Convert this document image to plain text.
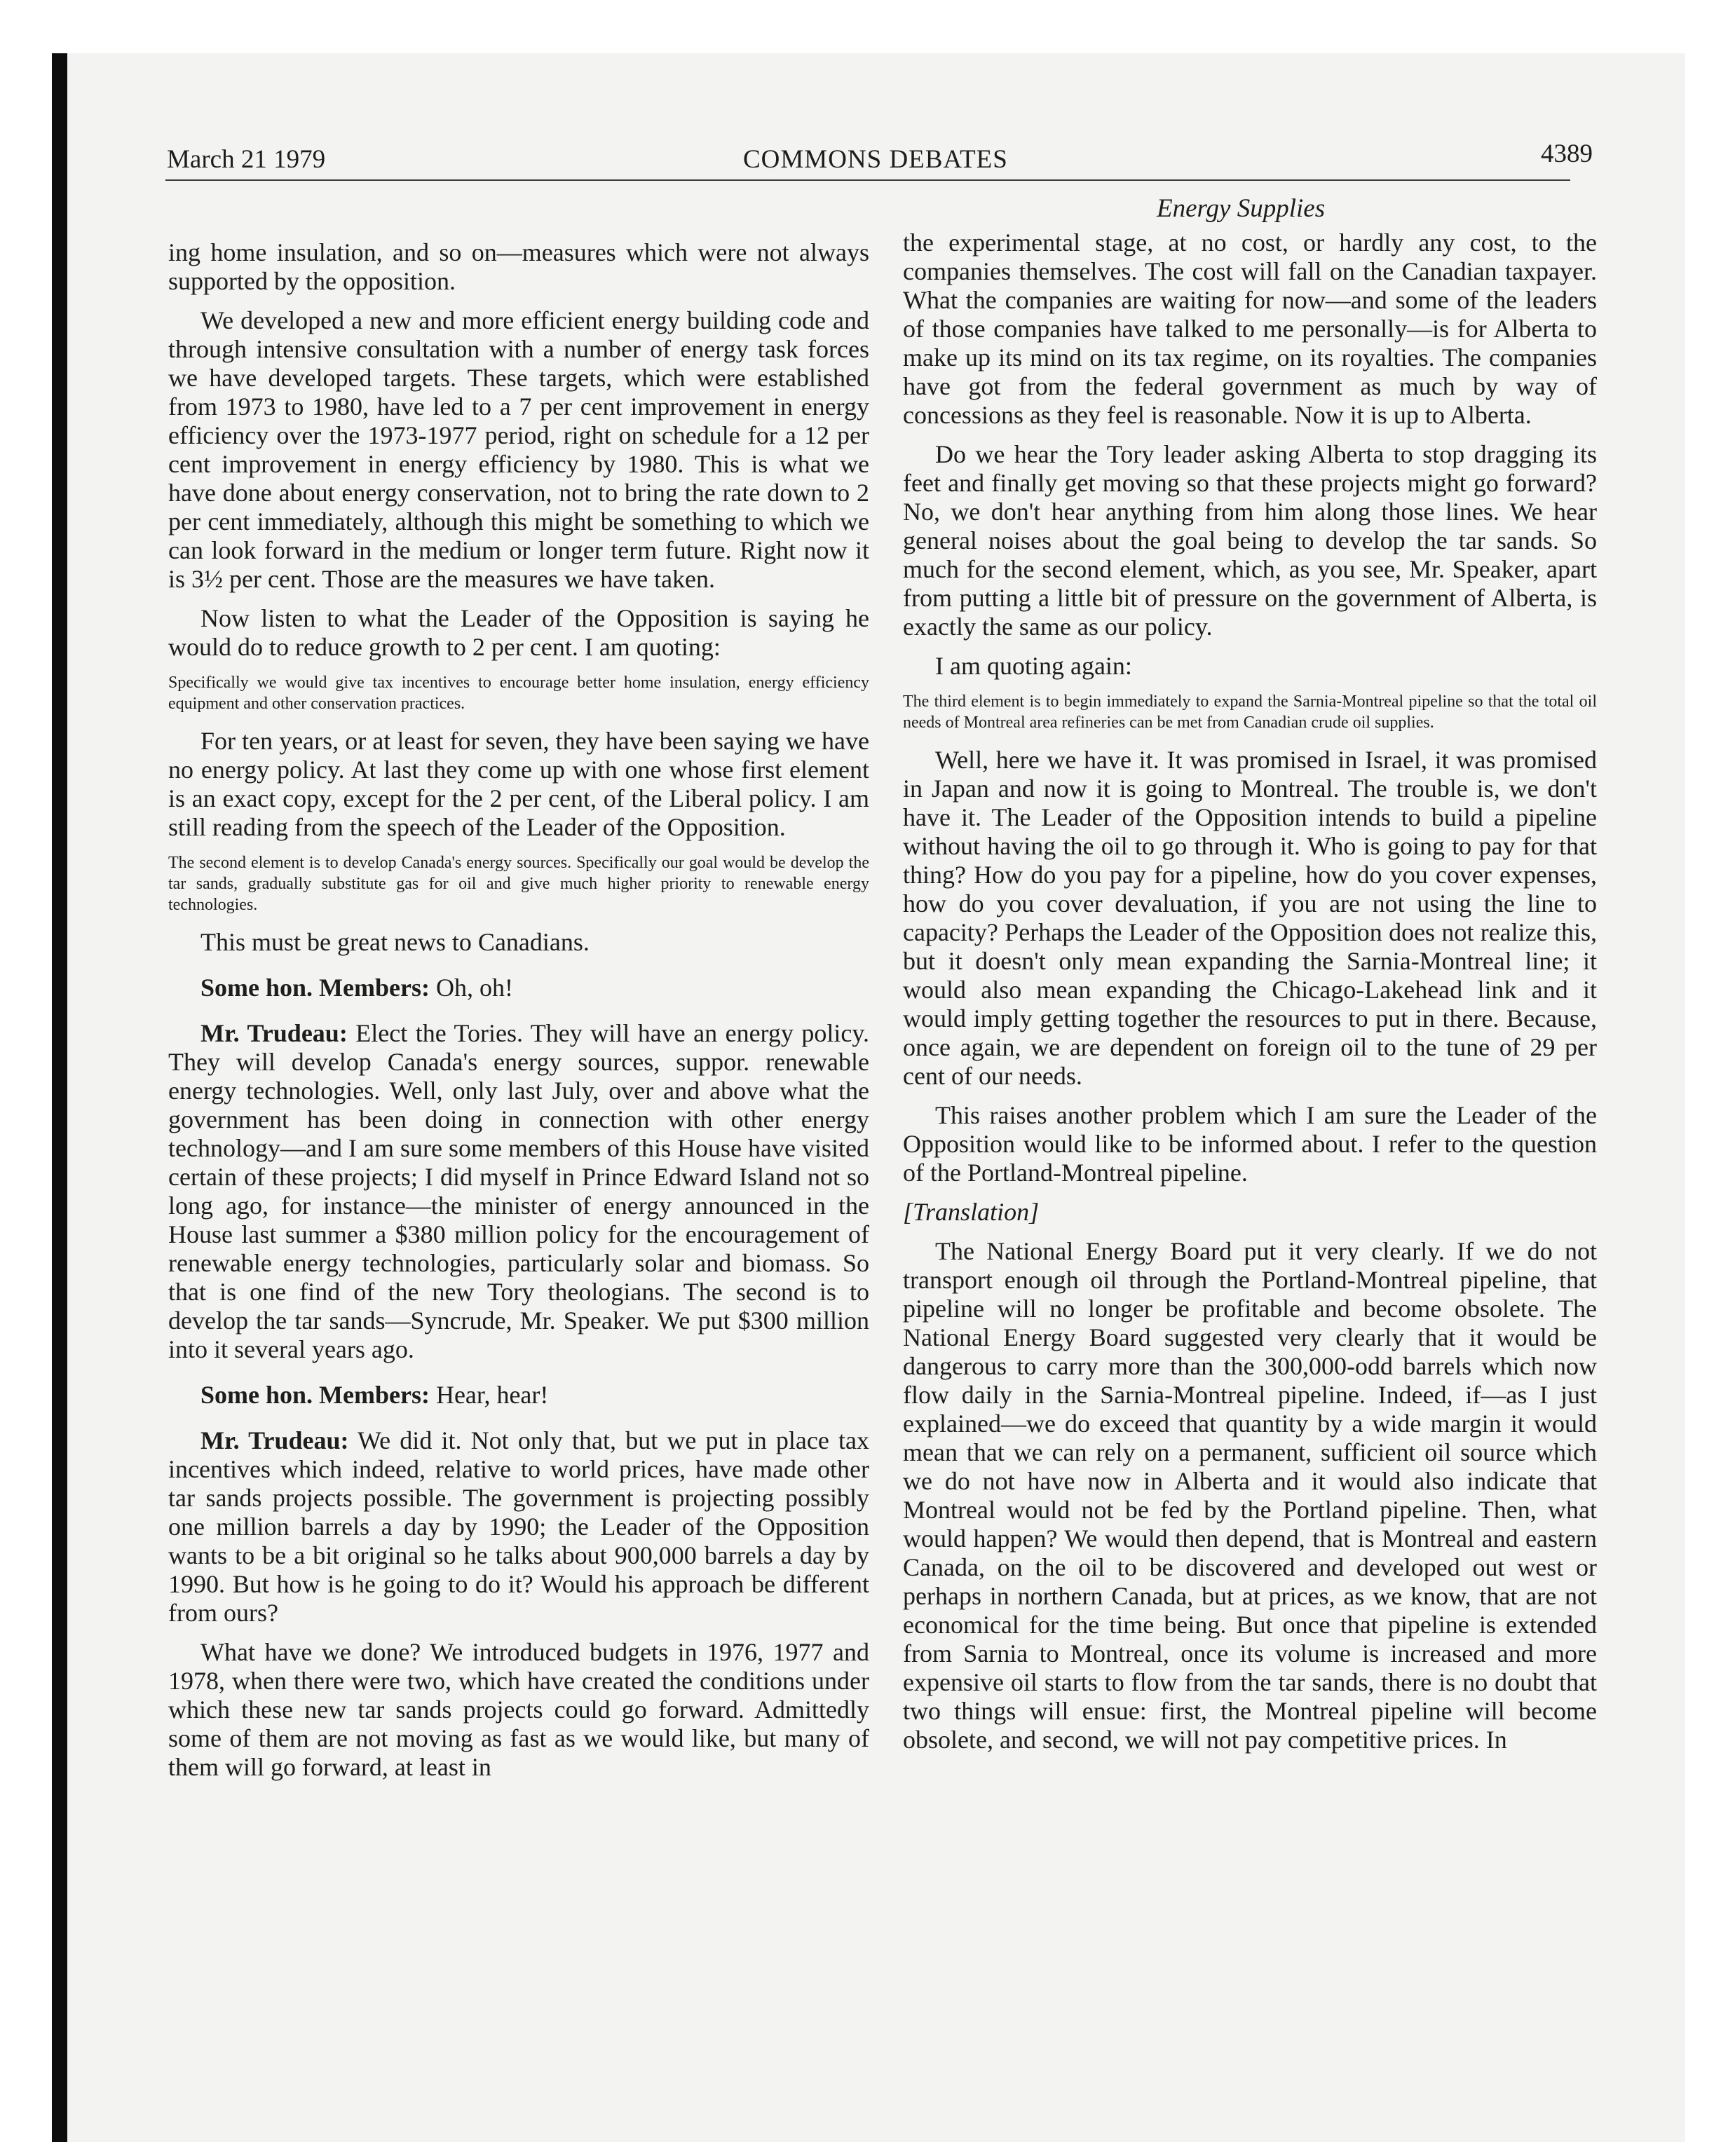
March 21 1979	COMMONS DEBATES	4389
Energy Supplies

ing home insulation, and so on—measures which were not always supported by the opposition.

We developed a new and more efficient energy building code and through intensive consultation with a number of energy task forces we have developed targets. These targets, which were established from 1973 to 1980, have led to a 7 per cent improvement in energy efficiency over the 1973-1977 period, right on schedule for a 12 per cent improvement in energy efficiency by 1980. This is what we have done about energy conservation, not to bring the rate down to 2 per cent immediately, although this might be something to which we can look forward in the medium or longer term future. Right now it is 3½ per cent. Those are the measures we have taken.

Now listen to what the Leader of the Opposition is saying he would do to reduce growth to 2 per cent. I am quoting:

Specifically we would give tax incentives to encourage better home insulation, energy efficiency equipment and other conservation practices.

For ten years, or at least for seven, they have been saying we have no energy policy. At last they come up with one whose first element is an exact copy, except for the 2 per cent, of the Liberal policy. I am still reading from the speech of the Leader of the Opposition.

The second element is to develop Canada's energy sources. Specifically our goal would be develop the tar sands, gradually substitute gas for oil and give much higher priority to renewable energy technologies.

This must be great news to Canadians.

Some hon. Members: Oh, oh!

Mr. Trudeau: Elect the Tories. They will have an energy policy. They will develop Canada's energy sources, suppor. renewable energy technologies. Well, only last July, over and above what the government has been doing in connection with other energy technology—and I am sure some members of this House have visited certain of these projects; I did myself in Prince Edward Island not so long ago, for instance—the minister of energy announced in the House last summer a $380 million policy for the encouragement of renewable energy technologies, particularly solar and biomass. So that is one find of the new Tory theologians. The second is to develop the tar sands—Syncrude, Mr. Speaker. We put $300 million into it several years ago.

Some hon. Members: Hear, hear!

Mr. Trudeau: We did it. Not only that, but we put in place tax incentives which indeed, relative to world prices, have made other tar sands projects possible. The government is projecting possibly one million barrels a day by 1990; the Leader of the Opposition wants to be a bit original so he talks about 900,000 barrels a day by 1990. But how is he going to do it? Would his approach be different from ours?

What have we done? We introduced budgets in 1976, 1977 and 1978, when there were two, which have created the conditions under which these new tar sands projects could go forward. Admittedly some of them are not moving as fast as we would like, but many of them will go forward, at least in

the experimental stage, at no cost, or hardly any cost, to the companies themselves. The cost will fall on the Canadian taxpayer. What the companies are waiting for now—and some of the leaders of those companies have talked to me personally—is for Alberta to make up its mind on its tax regime, on its royalties. The companies have got from the federal government as much by way of concessions as they feel is reasonable. Now it is up to Alberta.

Do we hear the Tory leader asking Alberta to stop dragging its feet and finally get moving so that these projects might go forward? No, we don't hear anything from him along those lines. We hear general noises about the goal being to develop the tar sands. So much for the second element, which, as you see, Mr. Speaker, apart from putting a little bit of pressure on the government of Alberta, is exactly the same as our policy.

I am quoting again:

The third element is to begin immediately to expand the Sarnia-Montreal pipeline so that the total oil needs of Montreal area refineries can be met from Canadian crude oil supplies.

Well, here we have it. It was promised in Israel, it was promised in Japan and now it is going to Montreal. The trouble is, we don't have it. The Leader of the Opposition intends to build a pipeline without having the oil to go through it. Who is going to pay for that thing? How do you pay for a pipeline, how do you cover expenses, how do you cover devaluation, if you are not using the line to capacity? Perhaps the Leader of the Opposition does not realize this, but it doesn't only mean expanding the Sarnia-Montreal line; it would also mean expanding the Chicago-Lakehead link and it would imply getting together the resources to put in there. Because, once again, we are dependent on foreign oil to the tune of 29 per cent of our needs.

This raises another problem which I am sure the Leader of the Opposition would like to be informed about. I refer to the question of the Portland-Montreal pipeline.

[Translation]

The National Energy Board put it very clearly. If we do not transport enough oil through the Portland-Montreal pipeline, that pipeline will no longer be profitable and become obsolete. The National Energy Board suggested very clearly that it would be dangerous to carry more than the 300,000-odd barrels which now flow daily in the Sarnia-Montreal pipeline. Indeed, if—as I just explained—we do exceed that quantity by a wide margin it would mean that we can rely on a permanent, sufficient oil source which we do not have now in Alberta and it would also indicate that Montreal would not be fed by the Portland pipeline. Then, what would happen? We would then depend, that is Montreal and eastern Canada, on the oil to be discovered and developed out west or perhaps in northern Canada, but at prices, as we know, that are not economical for the time being. But once that pipeline is extended from Sarnia to Montreal, once its volume is increased and more expensive oil starts to flow from the tar sands, there is no doubt that two things will ensue: first, the Montreal pipeline will become obsolete, and second, we will not pay competitive prices. In
